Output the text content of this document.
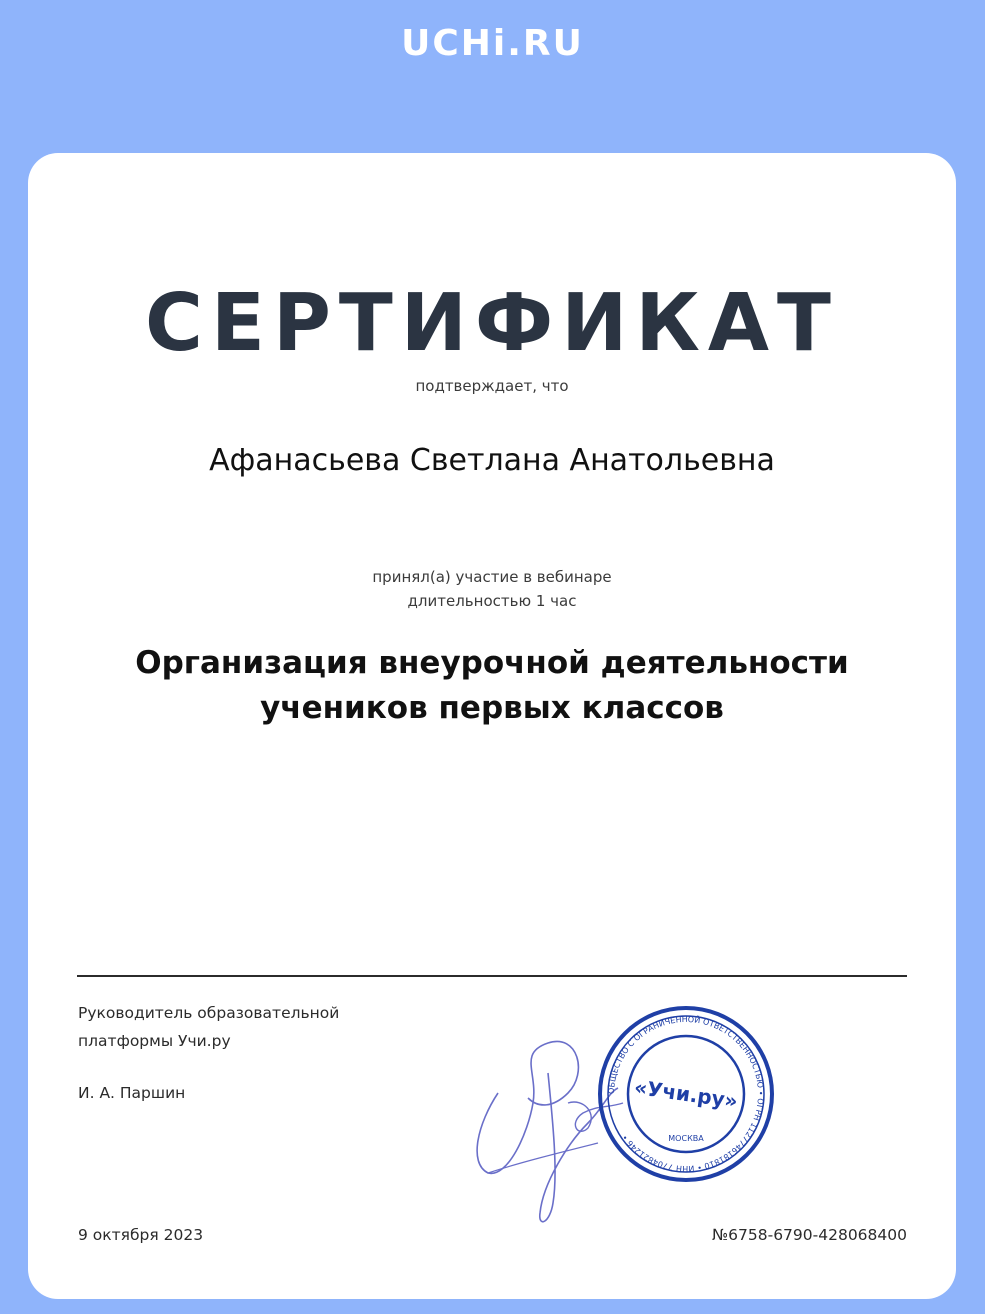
UCHi.RU
СЕРТИФИКАТ
подтверждает, что
Афанасьева Светлана Анатольевна
принял(а) участие в вебинаре
длительностью 1 час
Организация внеурочной деятельности
учеников первых классов
Руководитель образовательной
платформы Учи.ру
И. А. Паршин	ОБЩЕСТВО С ОГРАНИЧЕННОЙ ОТВЕТСТВЕННОСТЬЮ • ОГРН 1127746181810 • ИНН 7704821246 •
«Учи.ру»
МОСКВА
9 октября 2023	№6758-6790-428068400
